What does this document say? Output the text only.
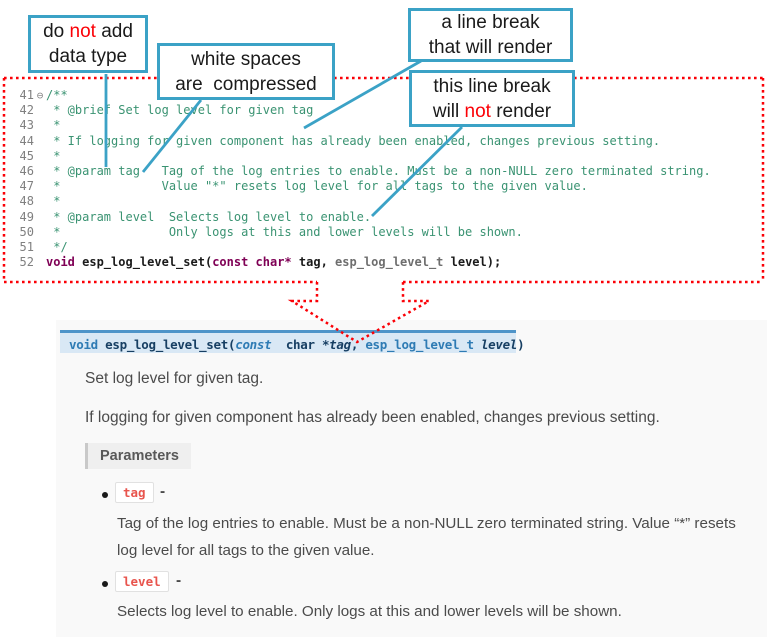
41 ⊖ /**
42 * @brief Set log level for given tag
43 *
44 * If logging for given component has already been enabled, changes previous setting.
45 *
46 * @param tag   Tag of the log entries to enable. Must be a non-NULL zero terminated string.
47 *              Value "*" resets log level for all tags to the given value.
48 *
49 * @param level  Selects log level to enable.
50 *               Only logs at this and lower levels will be shown.
51 */
52 void esp_log_level_set(const char* tag, esp_log_level_t level);
void esp_log_level_set(const char *tag, esp_log_level_t level)
Set log level for given tag.
If logging for given component has already been enabled, changes previous setting.
Parameters
tag -
Tag of the log entries to enable. Must be a non-NULL zero terminated string. Value “*” resets log level for all tags to the given value.
level -
Selects log level to enable. Only logs at this and lower levels will be shown.
do not add
data type	white spaces
are  compressed
a line break
that will render
this line break
will not render
